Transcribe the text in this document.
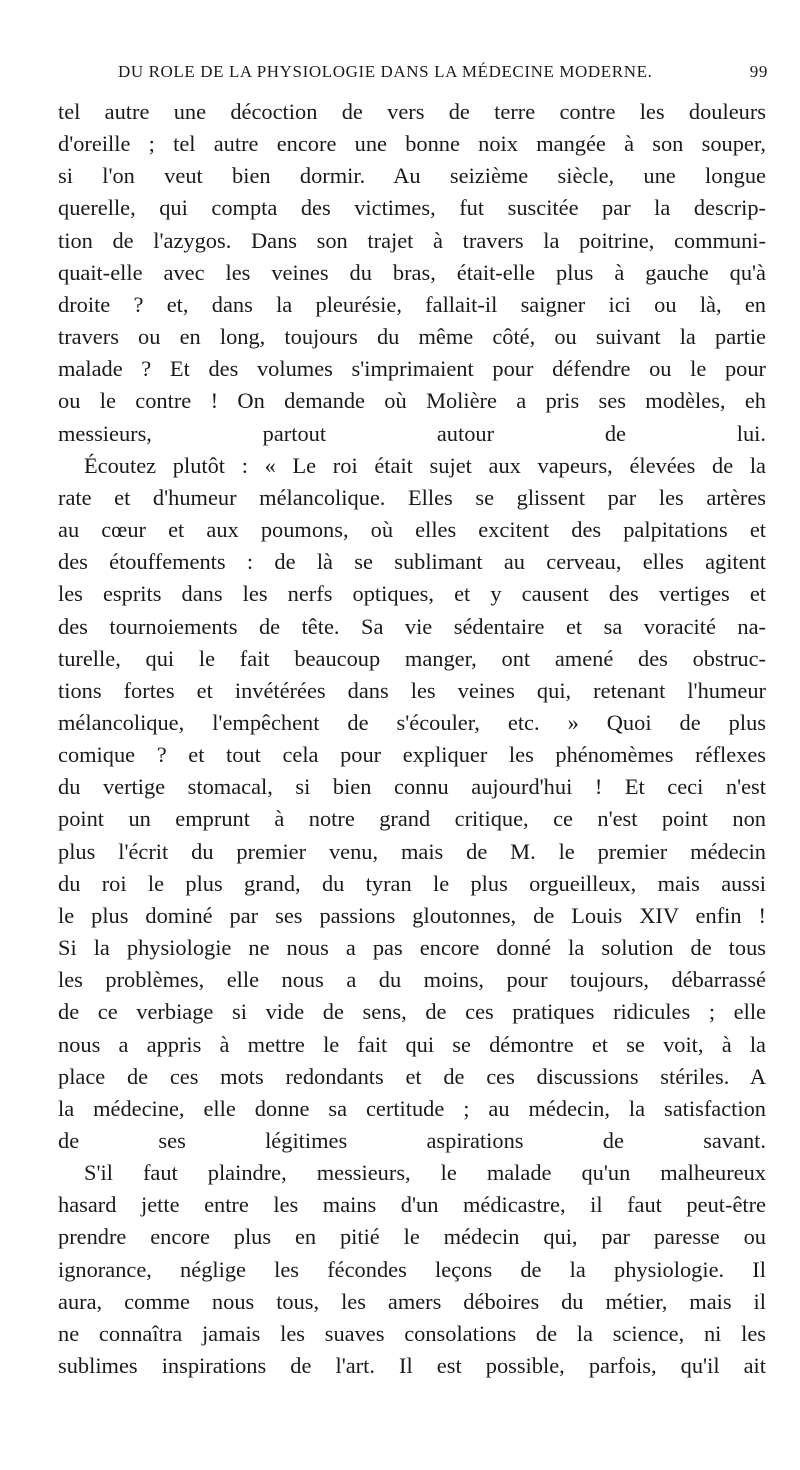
DU ROLE DE LA PHYSIOLOGIE DANS LA MÉDECINE MODERNE.	99

tel autre une décoction de vers de terre contre les douleurs
d'oreille ; tel autre encore une bonne noix mangée à son souper,
si l'on veut bien dormir. Au seizième siècle, une longue
querelle, qui compta des victimes, fut suscitée par la descrip-
tion de l'azygos. Dans son trajet à travers la poitrine, communi-
quait-elle avec les veines du bras, était-elle plus à gauche qu'à
droite ? et, dans la pleurésie, fallait-il saigner ici ou là, en
travers ou en long, toujours du même côté, ou suivant la partie
malade ? Et des volumes s'imprimaient pour défendre ou le pour
ou le contre ! On demande où Molière a pris ses modèles, eh
messieurs, partout autour de lui.

Écoutez plutôt : « Le roi était sujet aux vapeurs, élevées de la
rate et d'humeur mélancolique. Elles se glissent par les artères
au cœur et aux poumons, où elles excitent des palpitations et
des étouffements : de là se sublimant au cerveau, elles agitent
les esprits dans les nerfs optiques, et y causent des vertiges et
des tournoiements de tête. Sa vie sédentaire et sa voracité na-
turelle, qui le fait beaucoup manger, ont amené des obstruc-
tions fortes et invétérées dans les veines qui, retenant l'humeur
mélancolique, l'empêchent de s'écouler, etc. » Quoi de plus
comique ? et tout cela pour expliquer les phénomèmes réflexes
du vertige stomacal, si bien connu aujourd'hui ! Et ceci n'est
point un emprunt à notre grand critique, ce n'est point non
plus l'écrit du premier venu, mais de M. le premier médecin
du roi le plus grand, du tyran le plus orgueilleux, mais aussi
le plus dominé par ses passions gloutonnes, de Louis XIV enfin !
Si la physiologie ne nous a pas encore donné la solution de tous
les problèmes, elle nous a du moins, pour toujours, débarrassé
de ce verbiage si vide de sens, de ces pratiques ridicules ; elle
nous a appris à mettre le fait qui se démontre et se voit, à la
place de ces mots redondants et de ces discussions stériles. A
la médecine, elle donne sa certitude ; au médecin, la satisfaction
de ses légitimes aspirations de savant.

S'il faut plaindre, messieurs, le malade qu'un malheureux
hasard jette entre les mains d'un médicastre, il faut peut-être
prendre encore plus en pitié le médecin qui, par paresse ou
ignorance, néglige les fécondes leçons de la physiologie. Il
aura, comme nous tous, les amers déboires du métier, mais il
ne connaîtra jamais les suaves consolations de la science, ni les
sublimes inspirations de l'art. Il est possible, parfois, qu'il ait
